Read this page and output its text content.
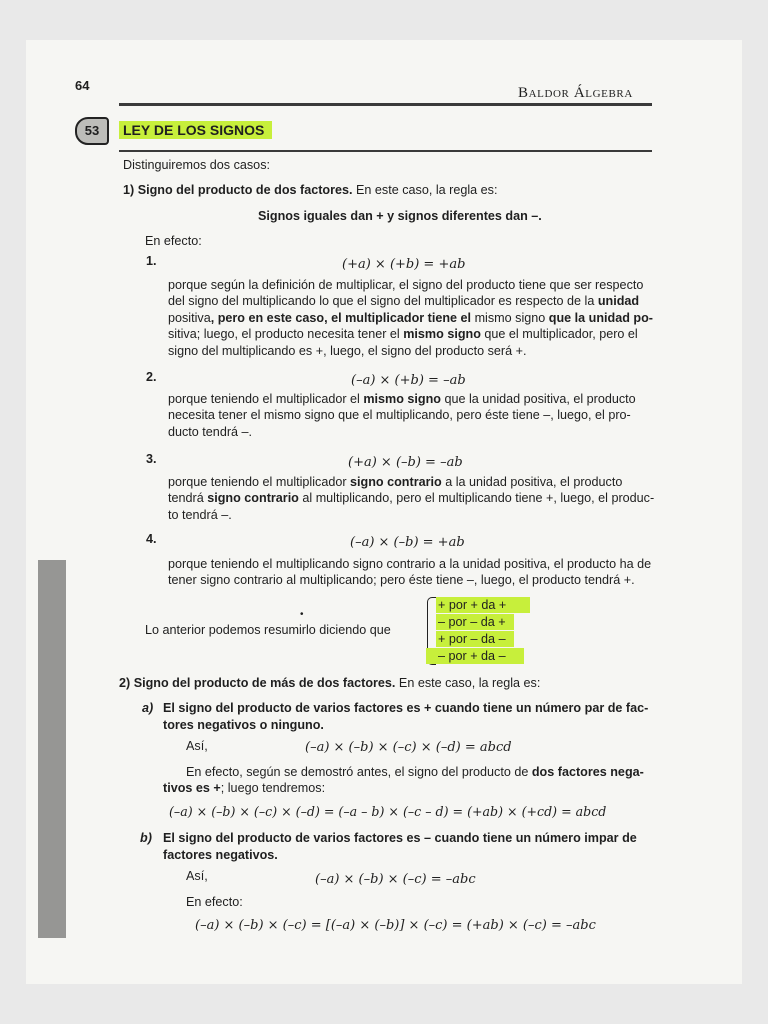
64	Baldor Álgebra
53	LEY DE LOS SIGNOS
Distinguiremos dos casos:
1) Signo del producto de dos factores. En este caso, la regla es:
Signos iguales dan + y signos diferentes dan –.
En efecto:
1.	(+a) × (+b) = +ab
porque según la definición de multiplicar, el signo del producto tiene que ser respecto
del signo del multiplicando lo que el signo del multiplicador es respecto de la unidad
positiva, pero en este caso, el multiplicador tiene el mismo signo que la unidad po-
sitiva; luego, el producto necesita tener el mismo signo que el multiplicador, pero el
signo del multiplicando es +, luego, el signo del producto será +.
2.	(–a) × (+b) = –ab
porque teniendo el multiplicador el mismo signo que la unidad positiva, el producto
necesita tener el mismo signo que el multiplicando, pero éste tiene –, luego, el pro-
ducto tendrá –.
3.	(+a) × (–b) = –ab
porque teniendo el multiplicador signo contrario a la unidad positiva, el producto
tendrá signo contrario al multiplicando, pero el multiplicando tiene +, luego, el produc-
to tendrá –.
4.	(–a) × (–b) = +ab
porque teniendo el multiplicando signo contrario a la unidad positiva, el producto ha de
tener signo contrario al multiplicando; pero éste tiene –, luego, el producto tendrá +.
•
Lo anterior podemos resumirlo diciendo que
+ por + da +
– por – da +
+ por – da –
– por + da –
2) Signo del producto de más de dos factores. En este caso, la regla es:
a) El signo del producto de varios factores es + cuando tiene un número par de fac-
tores negativos o ninguno.
Así,	(–a) × (–b) × (–c) × (–d) = abcd
En efecto, según se demostró antes, el signo del producto de dos factores nega-
tivos es +; luego tendremos:
(–a) × (–b) × (–c) × (–d) = (–a – b) × (–c – d) = (+ab) × (+cd) = abcd
b) El signo del producto de varios factores es – cuando tiene un número impar de
factores negativos.
Así,	(–a) × (–b) × (–c) = –abc
En efecto:
(–a) × (–b) × (–c) = [(–a) × (–b)] × (–c) = (+ab) × (–c) = –abc
